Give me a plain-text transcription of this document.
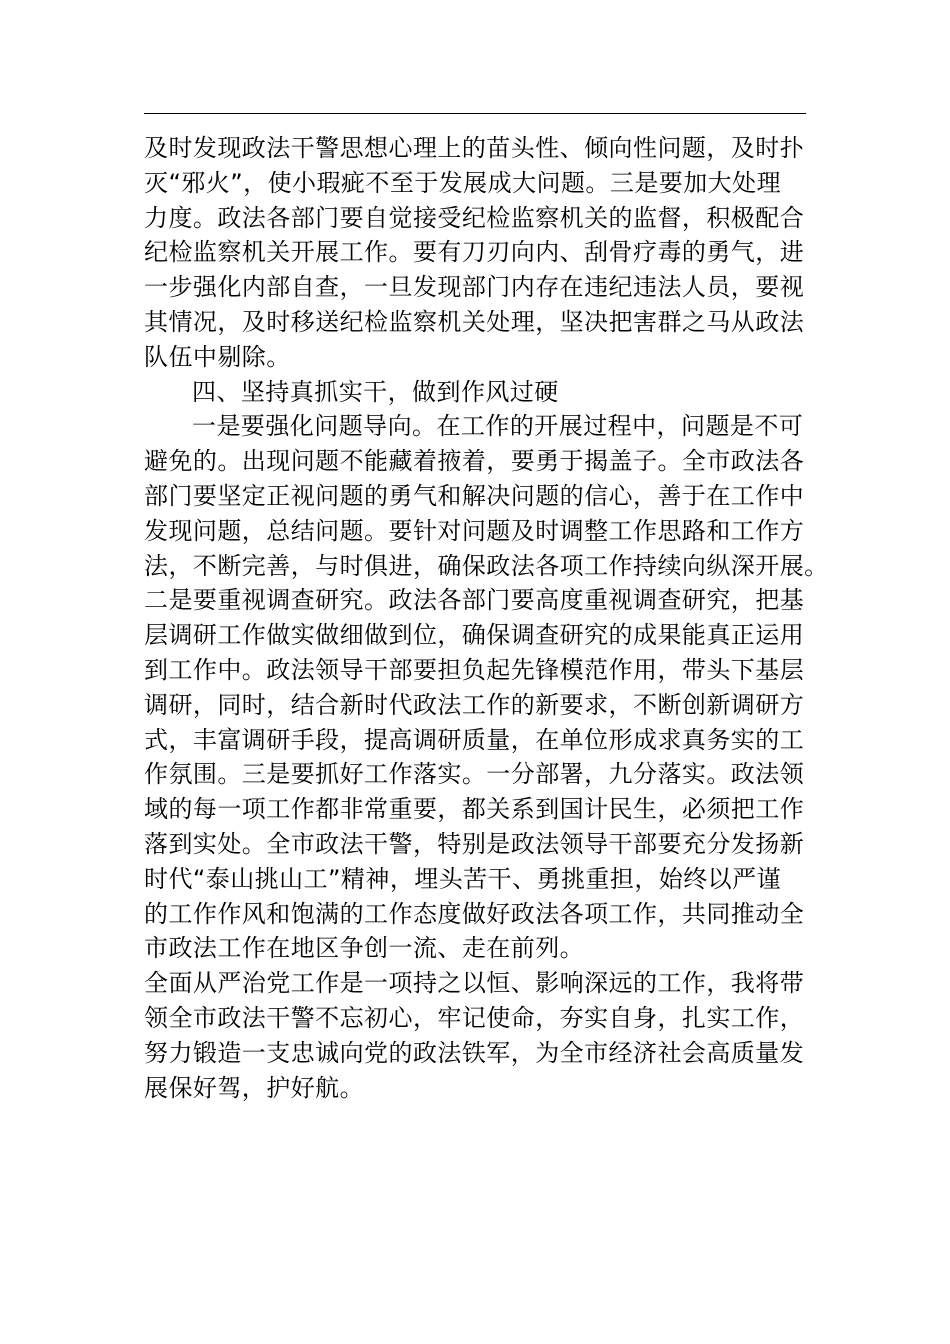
及时发现政法干警思想心理上的苗头性、倾向性问题，及时扑
灭“邪火”，使小瑕疵不至于发展成大问题。三是要加大处理
力度。政法各部门要自觉接受纪检监察机关的监督，积极配合
纪检监察机关开展工作。要有刀刃向内、刮骨疗毒的勇气，进
一步强化内部自查，一旦发现部门内存在违纪违法人员，要视
其情况，及时移送纪检监察机关处理，坚决把害群之马从政法
队伍中剔除。
四、坚持真抓实干，做到作风过硬
一是要强化问题导向。在工作的开展过程中，问题是不可
避免的。出现问题不能藏着掖着，要勇于揭盖子。全市政法各
部门要坚定正视问题的勇气和解决问题的信心，善于在工作中
发现问题，总结问题。要针对问题及时调整工作思路和工作方
法，不断完善，与时俱进，确保政法各项工作持续向纵深开展。
二是要重视调查研究。政法各部门要高度重视调查研究，把基
层调研工作做实做细做到位，确保调查研究的成果能真正运用
到工作中。政法领导干部要担负起先锋模范作用，带头下基层
调研，同时，结合新时代政法工作的新要求，不断创新调研方
式，丰富调研手段，提高调研质量，在单位形成求真务实的工
作氛围。三是要抓好工作落实。一分部署，九分落实。政法领
域的每一项工作都非常重要，都关系到国计民生，必须把工作
落到实处。全市政法干警，特别是政法领导干部要充分发扬新
时代“泰山挑山工”精神，埋头苦干、勇挑重担，始终以严谨
的工作作风和饱满的工作态度做好政法各项工作，共同推动全
市政法工作在地区争创一流、走在前列。
全面从严治党工作是一项持之以恒、影响深远的工作，我将带
领全市政法干警不忘初心，牢记使命，夯实自身，扎实工作，
努力锻造一支忠诚向党的政法铁军，为全市经济社会高质量发
展保好驾，护好航。
